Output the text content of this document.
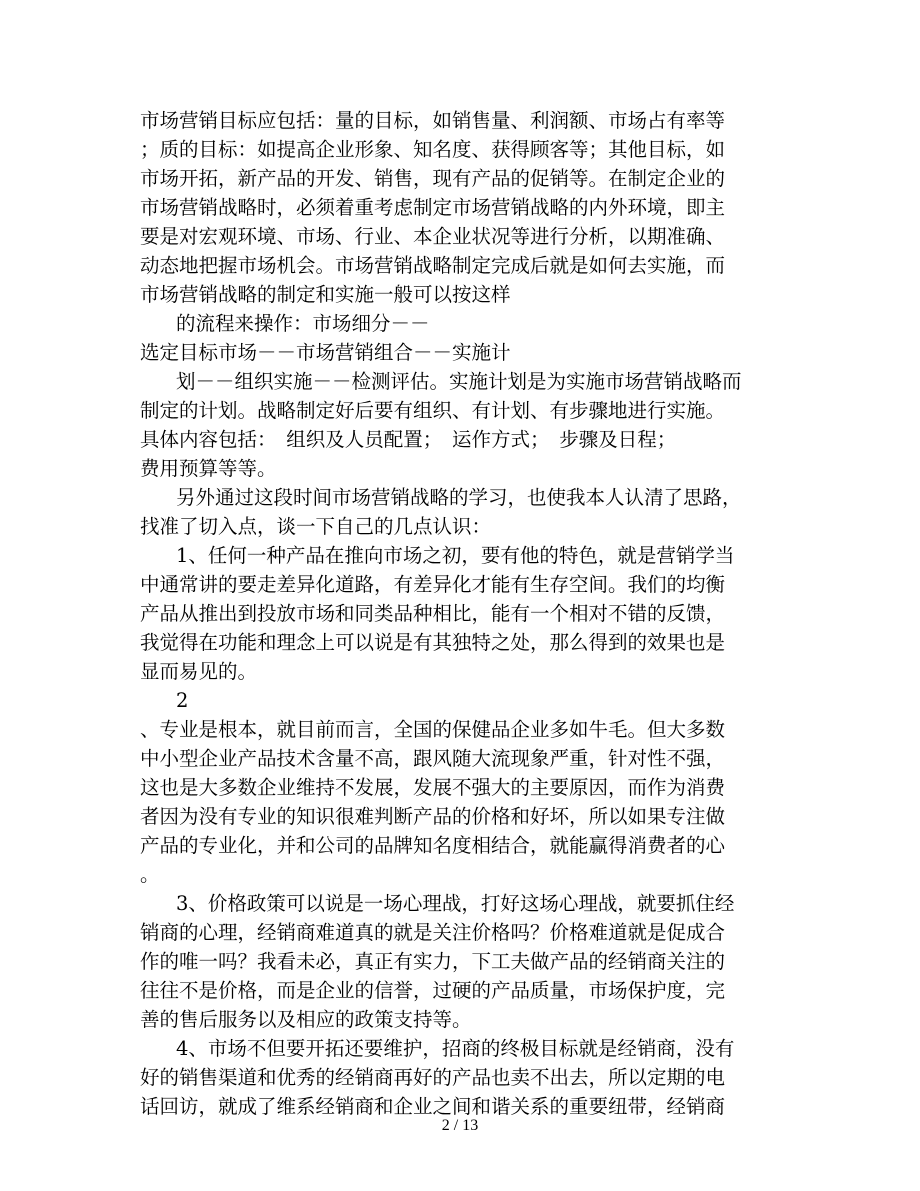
市场营销目标应包括：量的目标，如销售量、利润额、市场占有率等
；质的目标：如提高企业形象、知名度、获得顾客等；其他目标，如
市场开拓，新产品的开发、销售，现有产品的促销等。在制定企业的
市场营销战略时，必须着重考虑制定市场营销战略的内外环境，即主
要是对宏观环境、市场、行业、本企业状况等进行分析，以期准确、
动态地把握市场机会。市场营销战略制定完成后就是如何去实施，而
市场营销战略的制定和实施一般可以按这样
的流程来操作：市场细分－－
选定目标市场－－市场营销组合－－实施计
划－－组织实施－－检测评估。实施计划是为实施市场营销战略而
制定的计划。战略制定好后要有组织、有计划、有步骤地进行实施。
具体内容包括：　组织及人员配置；　运作方式；　步骤及日程；
费用预算等等。
另外通过这段时间市场营销战略的学习，也使我本人认清了思路，
找准了切入点，谈一下自己的几点认识：
1、任何一种产品在推向市场之初，要有他的特色，就是营销学当
中通常讲的要走差异化道路，有差异化才能有生存空间。我们的均衡
产品从推出到投放市场和同类品种相比，能有一个相对不错的反馈，
我觉得在功能和理念上可以说是有其独特之处，那么得到的效果也是
显而易见的。
2
、专业是根本，就目前而言，全国的保健品企业多如牛毛。但大多数
中小型企业产品技术含量不高，跟风随大流现象严重，针对性不强，
这也是大多数企业维持不发展，发展不强大的主要原因，而作为消费
者因为没有专业的知识很难判断产品的价格和好坏，所以如果专注做
产品的专业化，并和公司的品牌知名度相结合，就能赢得消费者的心
。
3、价格政策可以说是一场心理战，打好这场心理战，就要抓住经
销商的心理，经销商难道真的就是关注价格吗？价格难道就是促成合
作的唯一吗？我看未必，真正有实力，下工夫做产品的经销商关注的
往往不是价格，而是企业的信誉，过硬的产品质量，市场保护度，完
善的售后服务以及相应的政策支持等。
4、市场不但要开拓还要维护，招商的终极目标就是经销商，没有
好的销售渠道和优秀的经销商再好的产品也卖不出去，所以定期的电
话回访，就成了维系经销商和企业之间和谐关系的重要纽带，经销商
2 / 13
